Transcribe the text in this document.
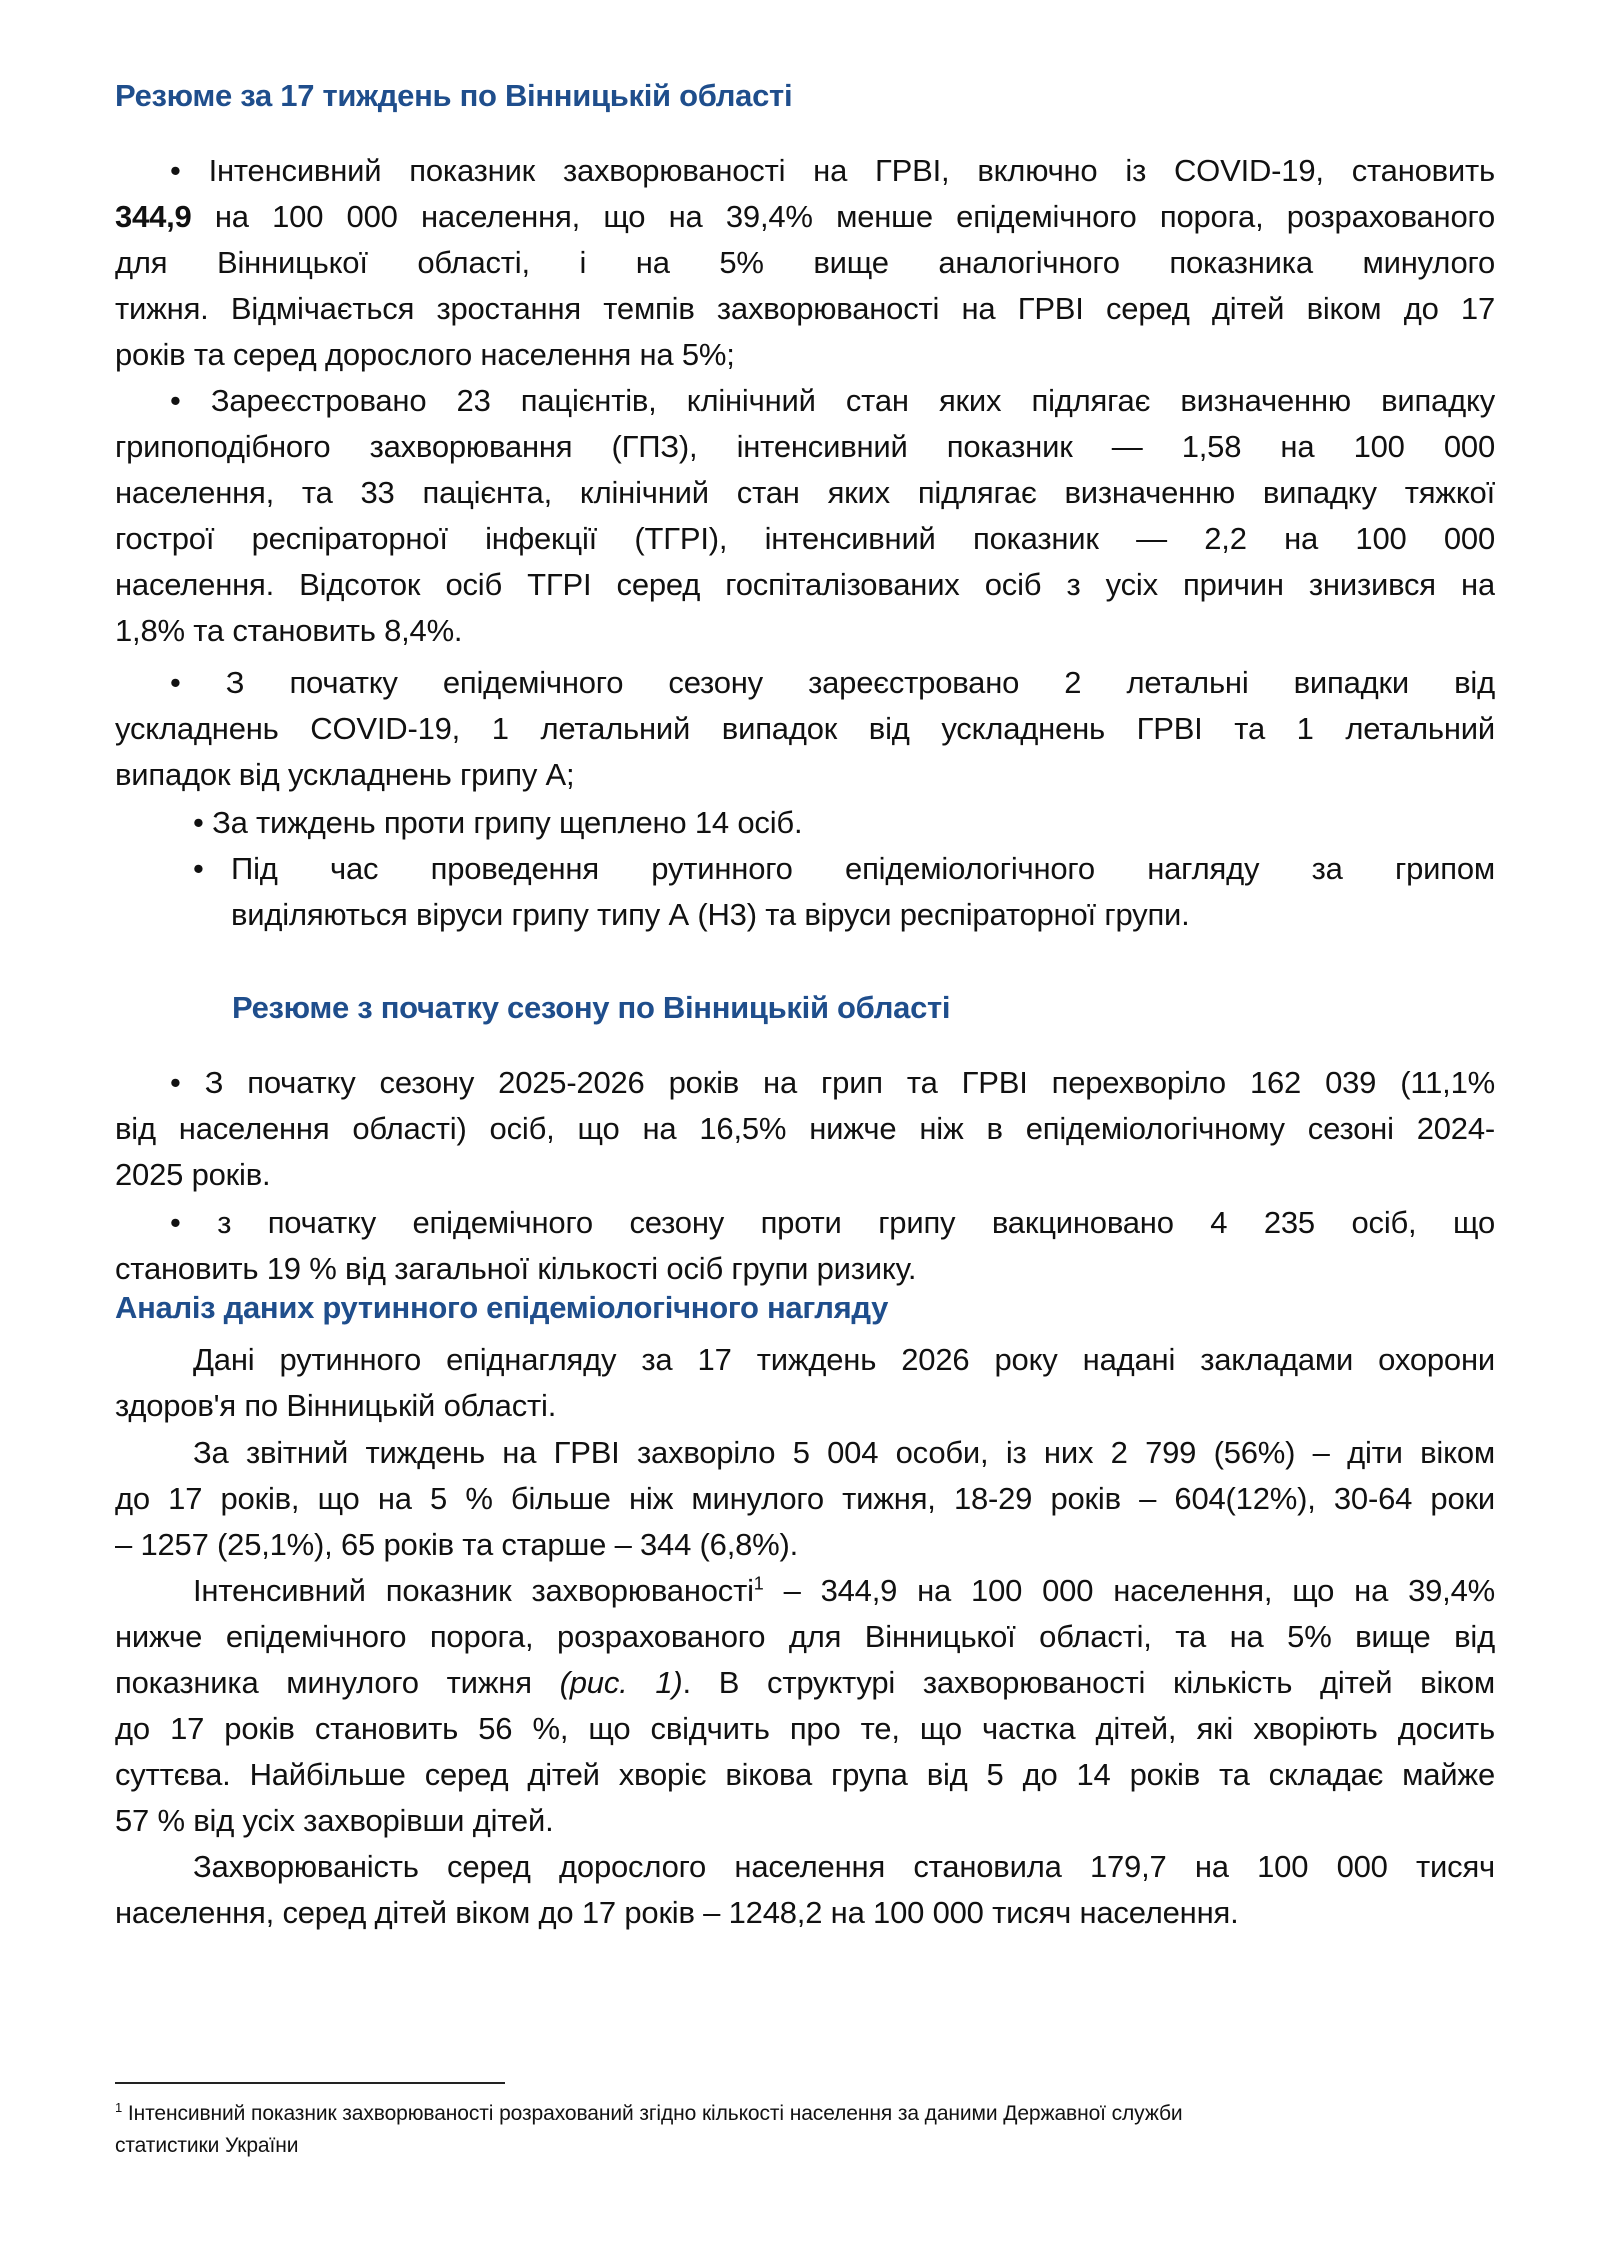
Резюме за 17 тиждень по Вінницькій області
• Інтенсивний показник захворюваності на ГРВІ, включно із COVID-19, становить
344,9 на 100 000 населення, що на 39,4% менше епідемічного порога, розрахованого
для Вінницької області, і на 5% вище аналогічного показника минулого
тижня. Відмічається зростання темпів захворюваності на ГРВІ серед дітей віком до 17
років та серед дорослого населення на 5%;
• Зареєстровано 23 пацієнтів, клінічний стан яких підлягає визначенню випадку
грипоподібного захворювання (ГПЗ), інтенсивний показник — 1,58 на 100 000
населення, та 33 пацієнта, клінічний стан яких підлягає визначенню випадку тяжкої
гострої респіраторної інфекції (ТГРІ), інтенсивний показник — 2,2 на 100 000
населення. Відсоток осіб ТГРІ серед госпіталізованих осіб з усіх причин знизився на
1,8% та становить 8,4%.
• З початку епідемічного сезону зареєстровано 2 летальні випадки від
ускладнень COVID-19, 1 летальний випадок від ускладнень ГРВІ та 1 летальний
випадок від ускладнень грипу А;
• За тиждень проти грипу щеплено 14 осіб.
• Під час проведення рутинного епідеміологічного нагляду за грипом
виділяються віруси грипу типу А (Н3) та віруси респіраторної групи.
Резюме з початку сезону по Вінницькій області
• З початку сезону 2025-2026 років на грип та ГРВІ перехворіло 162 039 (11,1%
від населення області) осіб, що на 16,5% нижче ніж в епідеміологічному сезоні 2024-
2025 років.
• з початку епідемічного сезону проти грипу вакциновано 4 235 осіб, що
становить 19 % від загальної кількості осіб групи ризику.
Аналіз даних рутинного епідеміологічного нагляду
Дані рутинного епіднагляду за 17 тиждень 2026 року надані закладами охорони
здоров'я по Вінницькій області.
За звітний тиждень на ГРВІ захворіло 5 004 особи, із них 2 799 (56%) – діти віком
до 17 років, що на 5 % більше ніж минулого тижня, 18-29 років – 604(12%), 30-64 роки
– 1257 (25,1%), 65 років та старше – 344 (6,8%).
Інтенсивний показник захворюваності$^1$ – 344,9 на 100 000 населення, що на 39,4%
нижче епідемічного порога, розрахованого для Вінницької області, та на 5% вище від
показника минулого тижня (рис. 1). В структурі захворюваності кількість дітей віком
до 17 років становить 56 %, що свідчить про те, що частка дітей, які хворіють досить
суттєва. Найбільше серед дітей хворіє вікова група від 5 до 14 років та складає майже
57 % від усіх захворівши дітей.
Захворюваність серед дорослого населення становила 179,7 на 100 000 тисяч
населення, серед дітей віком до 17 років – 1248,2 на 100 000 тисяч населення.
$^1$ Інтенсивний показник захворюваності розрахований згідно кількості населення за даними Державної служби
статистики України
